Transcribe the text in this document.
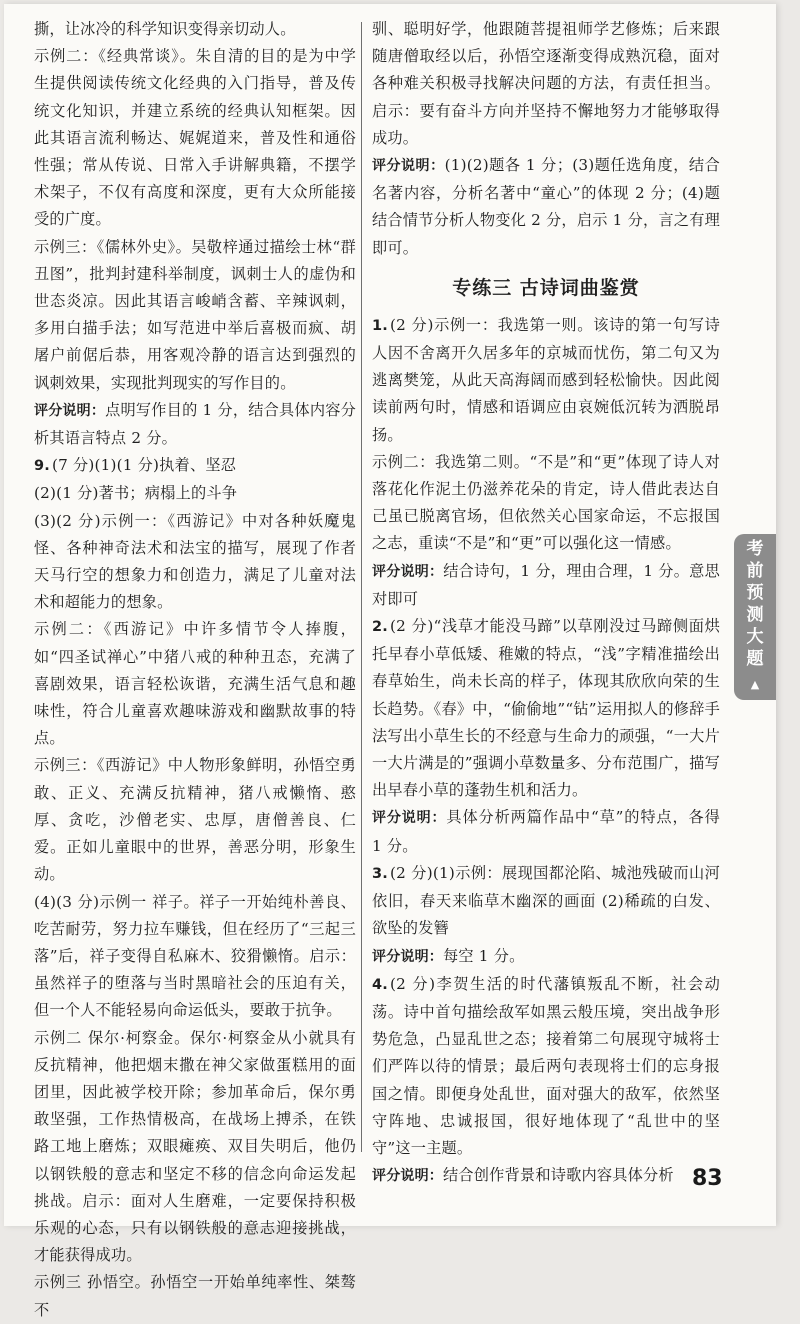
撕，让冰冷的科学知识变得亲切动人。

示例二：《经典常谈》。朱自清的目的是为中学生提供阅读传统文化经典的入门指导，普及传统文化知识，并建立系统的经典认知框架。因此其语言流利畅达、娓娓道来，普及性和通俗性强；常从传说、日常入手讲解典籍，不摆学术架子，不仅有高度和深度，更有大众所能接受的广度。

示例三：《儒林外史》。吴敬梓通过描绘士林“群丑图”，批判封建科举制度，讽刺士人的虚伪和世态炎凉。因此其语言峻峭含蓄、辛辣讽刺，多用白描手法；如写范进中举后喜极而疯、胡屠户前倨后恭，用客观冷静的语言达到强烈的讽刺效果，实现批判现实的写作目的。

评分说明：点明写作目的 1 分，结合具体内容分析其语言特点 2 分。

9. (7 分)(1)(1 分)执着、坚忍

(2)(1 分)著书；病榻上的斗争

(3)(2 分)示例一：《西游记》中对各种妖魔鬼怪、各种神奇法术和法宝的描写，展现了作者天马行空的想象力和创造力，满足了儿童对法术和超能力的想象。

示例二：《西游记》中许多情节令人捧腹，如“四圣试禅心”中猪八戒的种种丑态，充满了喜剧效果，语言轻松诙谐，充满生活气息和趣味性，符合儿童喜欢趣味游戏和幽默故事的特点。

示例三：《西游记》中人物形象鲜明，孙悟空勇敢、正义、充满反抗精神，猪八戒懒惰、憨厚、贪吃，沙僧老实、忠厚，唐僧善良、仁爱。正如儿童眼中的世界，善恶分明，形象生动。

(4)(3 分)示例一 祥子。祥子一开始纯朴善良、吃苦耐劳，努力拉车赚钱，但在经历了“三起三落”后，祥子变得自私麻木、狡猾懒惰。启示：虽然祥子的堕落与当时黑暗社会的压迫有关，但一个人不能轻易向命运低头，要敢于抗争。

示例二 保尔·柯察金。保尔·柯察金从小就具有反抗精神，他把烟末撒在神父家做蛋糕用的面团里，因此被学校开除；参加革命后，保尔勇敢坚强，工作热情极高，在战场上搏杀，在铁路工地上磨炼；双眼瘫痪、双目失明后，他仍以钢铁般的意志和坚定不移的信念向命运发起挑战。启示：面对人生磨难，一定要保持积极乐观的心态，只有以钢铁般的意志迎接挑战，才能获得成功。

示例三 孙悟空。孙悟空一开始单纯率性、桀骜不

驯、聪明好学，他跟随菩提祖师学艺修炼；后来跟随唐僧取经以后，孙悟空逐渐变得成熟沉稳，面对各种难关积极寻找解决问题的方法，有责任担当。启示：要有奋斗方向并坚持不懈地努力才能够取得成功。

评分说明：(1)(2)题各 1 分；(3)题任选角度，结合名著内容，分析名著中“童心”的体现 2 分；(4)题结合情节分析人物变化 2 分，启示 1 分，言之有理即可。

专练三 古诗词曲鉴赏

1. (2 分)示例一：我选第一则。该诗的第一句写诗人因不舍离开久居多年的京城而忧伤，第二句又为逃离樊笼，从此天高海阔而感到轻松愉快。因此阅读前两句时，情感和语调应由哀婉低沉转为洒脱昂扬。

示例二：我选第二则。“不是”和“更”体现了诗人对落花化作泥土仍滋养花朵的肯定，诗人借此表达自己虽已脱离官场，但依然关心国家命运，不忘报国之志，重读“不是”和“更”可以强化这一情感。

评分说明：结合诗句，1 分，理由合理，1 分。意思对即可

2. (2 分)“浅草才能没马蹄”以草刚没过马蹄侧面烘托早春小草低矮、稚嫩的特点，“浅”字精准描绘出春草始生，尚未长高的样子，体现其欣欣向荣的生长趋势。《春》中，“偷偷地”“钻”运用拟人的修辞手法写出小草生长的不经意与生命力的顽强，“一大片一大片满是的”强调小草数量多、分布范围广，描写出早春小草的蓬勃生机和活力。

评分说明：具体分析两篇作品中“草”的特点，各得 1 分。

3. (2 分)(1)示例：展现国都沦陷、城池残破而山河依旧，春天来临草木幽深的画面 (2)稀疏的白发、欲坠的发簪

评分说明：每空 1 分。

4. (2 分)李贺生活的时代藩镇叛乱不断，社会动荡。诗中首句描绘敌军如黑云般压境，突出战争形势危急，凸显乱世之态；接着第二句展现守城将士们严阵以待的情景；最后两句表现将士们的忘身报国之情。即便身处乱世，面对强大的敌军，依然坚守阵地、忠诚报国，很好地体现了“乱世中的坚守”这一主题。

评分说明：结合创作背景和诗歌内容具体分析

考
前
预
测
大
题
▲
83
